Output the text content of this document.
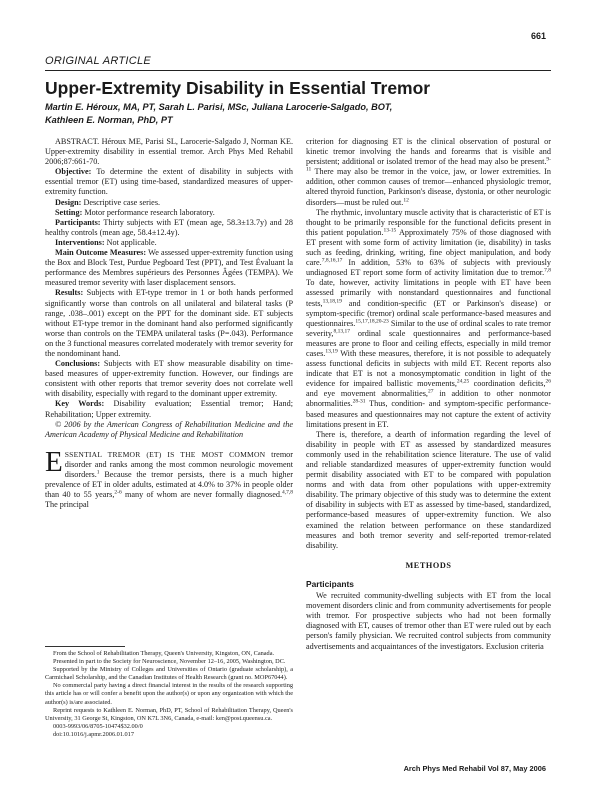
661
ORIGINAL ARTICLE
Upper-Extremity Disability in Essential Tremor
Martin E. Héroux, MA, PT, Sarah L. Parisi, MSc, Juliana Larocerie-Salgado, BOT,
Kathleen E. Norman, PhD, PT

ABSTRACT. Héroux ME, Parisi SL, Larocerie-Salgado J, Norman KE. Upper-extremity disability in essential tremor. Arch Phys Med Rehabil 2006;87:661-70.

Objective: To determine the extent of disability in subjects with essential tremor (ET) using time-based, standardized measures of upper-extremity function.

Design: Descriptive case series.

Setting: Motor performance research laboratory.

Participants: Thirty subjects with ET (mean age, 58.3±13.7y) and 28 healthy controls (mean age, 58.4±12.4y).

Interventions: Not applicable.

Main Outcome Measures: We assessed upper-extremity function using the Box and Block Test, Purdue Pegboard Test (PPT), and Test Évaluant la performance des Membres supérieurs des Personnes Âgées (TEMPA). We measured tremor severity with laser displacement sensors.

Results: Subjects with ET-type tremor in 1 or both hands performed significantly worse than controls on all unilateral and bilateral tasks (P range, .038–.001) except on the PPT for the dominant side. ET subjects without ET-type tremor in the dominant hand also performed significantly worse than controls on the TEMPA unilateral tasks (P=.043). Performance on the 3 functional measures correlated moderately with tremor severity for the nondominant hand.

Conclusions: Subjects with ET show measurable disability on time-based measures of upper-extremity function. However, our findings are consistent with other reports that tremor severity does not correlate well with disability, especially with regard to the dominant upper extremity.

Key Words: Disability evaluation; Essential tremor; Hand; Rehabilitation; Upper extremity.

© 2006 by the American Congress of Rehabilitation Medicine and the American Academy of Physical Medicine and Rehabilitation

ESSENTIAL TREMOR (ET) IS THE MOST COMMON tremor disorder and ranks among the most common neurologic movement disorders.$^1$ Because the tremor persists, there is a much higher prevalence of ET in older adults, estimated at 4.0% to 37% in people older than 40 to 55 years,$^{2-6}$ many of whom are never formally diagnosed.$^{4,7,8}$ The principal

criterion for diagnosing ET is the clinical observation of postural or kinetic tremor involving the hands and forearms that is visible and persistent; additional or isolated tremor of the head may also be present.$^{9-11}$ There may also be tremor in the voice, jaw, or lower extremities. In addition, other common causes of tremor—enhanced physiologic tremor, altered thyroid function, Parkinson's disease, dystonia, or other neurologic disorders—must be ruled out.$^{12}$

The rhythmic, involuntary muscle activity that is characteristic of ET is thought to be primarily responsible for the functional deficits present in this patient population.$^{13-15}$ Approximately 75% of those diagnosed with ET present with some form of activity limitation (ie, disability) in tasks such as feeding, drinking, writing, fine object manipulation, and body care.$^{7,8,16,17}$ In addition, 53% to 63% of subjects with previously undiagnosed ET report some form of activity limitation due to tremor.$^{7,8}$ To date, however, activity limitations in people with ET have been assessed primarily with nonstandard questionnaires and functional tests,$^{13,18,19}$ and condition-specific (ET or Parkinson's disease) or symptom-specific (tremor) ordinal scale performance-based measures and questionnaires.$^{15,17,18,20-23}$ Similar to the use of ordinal scales to rate tremor severity,$^{8,13,17}$ ordinal scale questionnaires and performance-based measures are prone to floor and ceiling effects, especially in mild tremor cases.$^{13,19}$ With these measures, therefore, it is not possible to adequately assess functional deficits in subjects with mild ET. Recent reports also indicate that ET is not a monosymptomatic condition in light of the evidence for impaired ballistic movements,$^{24,25}$ coordination deficits,$^{26}$ and eye movement abnormalities,$^{27}$ in addition to other nonmotor abnormalities.$^{28-31}$ Thus, condition- and symptom-specific performance-based measures and questionnaires may not capture the extent of activity limitations present in ET.

There is, therefore, a dearth of information regarding the level of disability in people with ET as assessed by standardized measures commonly used in the rehabilitation science literature. The use of valid and reliable standardized measures of upper-extremity function would permit disability associated with ET to be compared with population norms and with data from other populations with upper-extremity disability. The primary objective of this study was to determine the extent of disability in subjects with ET as assessed by time-based, standardized, performance-based measures of upper-extremity function. We also examined the relation between performance on these standardized measures and both tremor severity and self-reported tremor-related disability.

METHODS

Participants

We recruited community-dwelling subjects with ET from the local movement disorders clinic and from community advertisements for people with tremor. For prospective subjects who had not been formally diagnosed with ET, causes of tremor other than ET were ruled out by each person's family physician. We recruited control subjects from community advertisements and acquaintances of the investigators. Exclusion criteria

From the School of Rehabilitation Therapy, Queen's University, Kingston, ON, Canada.

Presented in part to the Society for Neuroscience, November 12–16, 2005, Washington, DC.

Supported by the Ministry of Colleges and Universities of Ontario (graduate scholarship), a Carmichael Scholarship, and the Canadian Institutes of Health Research (grant no. MOP67044).

No commercial party having a direct financial interest in the results of the research supporting this article has or will confer a benefit upon the author(s) or upon any organization with which the author(s) is/are associated.

Reprint requests to Kathleen E. Norman, PhD, PT, School of Rehabilitation Therapy, Queen's University, 31 George St, Kingston, ON K7L 3N6, Canada, e-mail: ken@post.queensu.ca.

0003-9993/06/8705-10474$32.00/0

doi:10.1016/j.apmr.2006.01.017

Arch Phys Med Rehabil Vol 87, May 2006
